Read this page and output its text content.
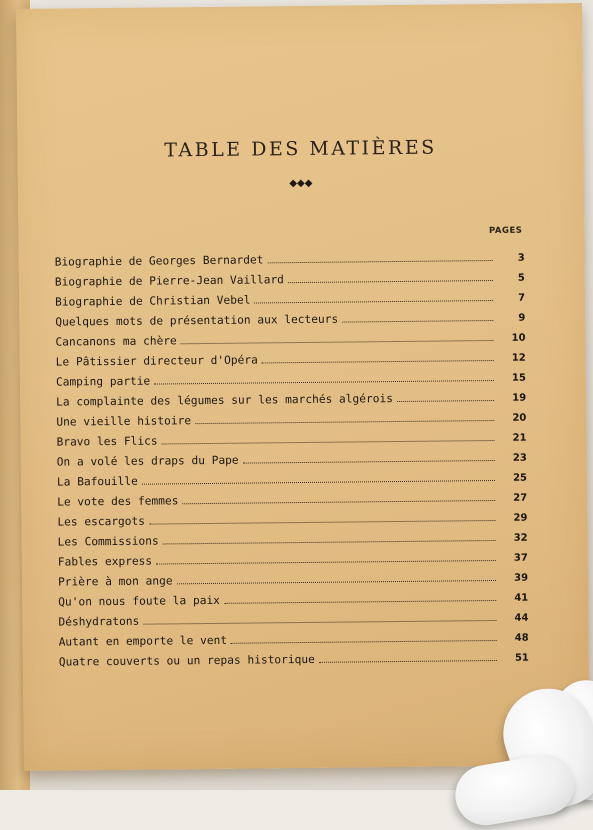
TABLE DES MATIÈRES
◆◆◆
PAGES
Biographie de Georges Bernardet	3
Biographie de Pierre-Jean Vaillard	5
Biographie de Christian Vebel	7
Quelques mots de présentation aux lecteurs	9
Cancanons ma chère	10
Le Pâtissier directeur d'Opéra	12
Camping partie	15
La complainte des légumes sur les marchés algérois	19
Une vieille histoire	20
Bravo les Flics	21
On a volé les draps du Pape	23
La Bafouille	25
Le vote des femmes	27
Les escargots	29
Les Commissions	32
Fables express	37
Prière à mon ange	39
Qu'on nous foute la paix	41
Déshydratons	44
Autant en emporte le vent	48
Quatre couverts ou un repas historique	51
